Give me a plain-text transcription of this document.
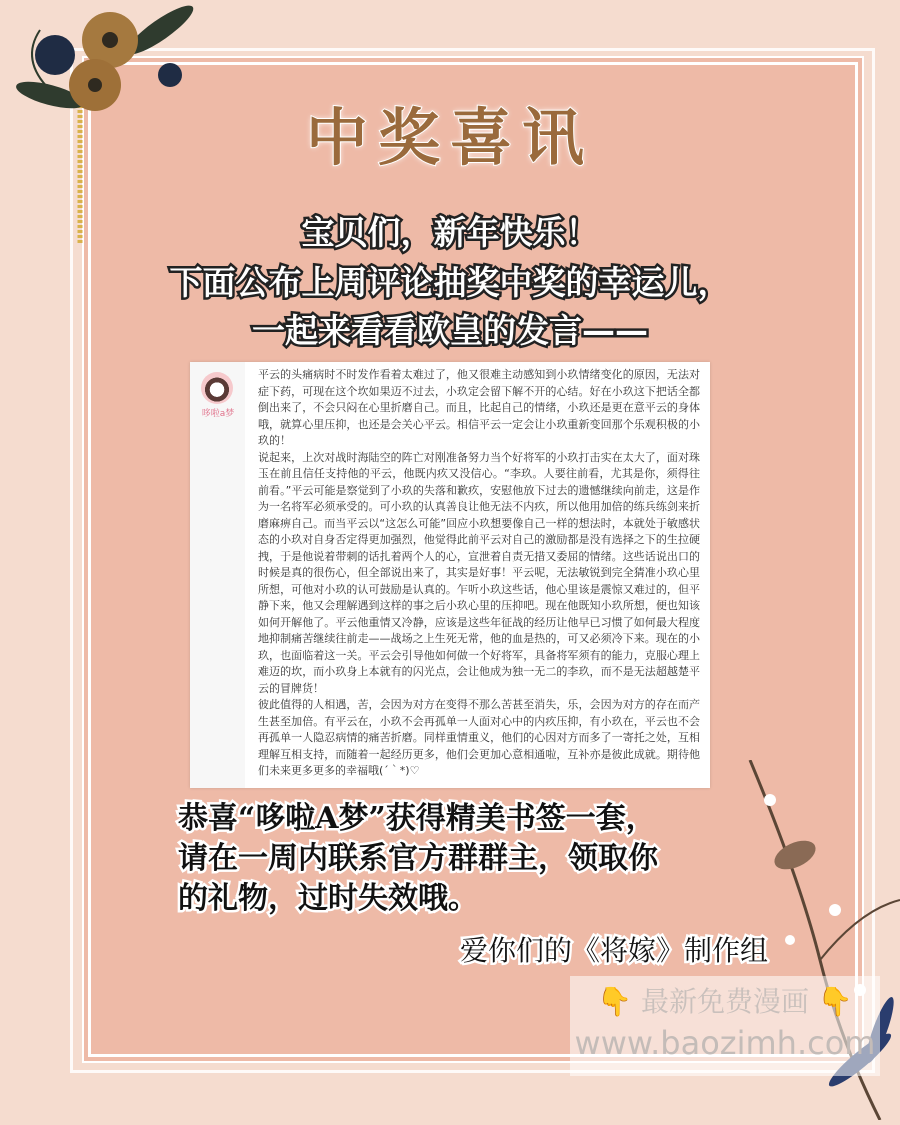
中奖喜讯
宝贝们，新年快乐！
下面公布上周评论抽奖中奖的幸运儿，
一起来看看欧皇的发言——
哆啦a梦

平云的头痛病时不时发作看着太难过了，他又很难主动感知到小玖情绪变化的原因，无法对症下药，可现在这个坎如果迈不过去，小玖定会留下解不开的心结。好在小玖这下把话全都倒出来了，不会只闷在心里折磨自己。而且，比起自己的情绪，小玖还是更在意平云的身体哦，就算心里压抑，也还是会关心平云。相信平云一定会让小玖重新变回那个乐观积极的小玖的！

说起来，上次对战时海陆空的阵亡对刚准备努力当个好将军的小玖打击实在太大了，面对珠玉在前且信任支持他的平云，他既内疚又没信心。“李玖。人要往前看，尤其是你，须得往前看。”平云可能是察觉到了小玖的失落和歉疚，安慰他放下过去的遗憾继续向前走，这是作为一名将军必须承受的。可小玖的认真善良让他无法不内疚，所以他用加倍的练兵练剑来折磨麻痹自己。而当平云以“这怎么可能”回应小玖想要像自己一样的想法时，本就处于敏感状态的小玖对自身否定得更加强烈，他觉得此前平云对自己的激励都是没有选择之下的生拉硬拽，于是他说着带刺的话扎着两个人的心，宣泄着自责无措又委屈的情绪。这些话说出口的时候是真的很伤心，但全部说出来了，其实是好事！平云呢，无法敏锐到完全猜准小玖心里所想，可他对小玖的认可鼓励是认真的。乍听小玖这些话，他心里该是震惊又难过的，但平静下来，他又会理解遇到这样的事之后小玖心里的压抑吧。现在他既知小玖所想，便也知该如何开解他了。平云他重情又冷静，应该是这些年征战的经历让他早已习惯了如何最大程度地抑制痛苦继续往前走——战场之上生死无常，他的血是热的，可又必须冷下来。现在的小玖，也面临着这一关。平云会引导他如何做一个好将军，具备将军须有的能力，克服心理上难迈的坎，而小玖身上本就有的闪光点，会让他成为独一无二的李玖，而不是无法超越楚平云的冒牌货！

彼此值得的人相遇，苦，会因为对方在变得不那么苦甚至消失，乐，会因为对方的存在而产生甚至加倍。有平云在，小玖不会再孤单一人面对心中的内疚压抑，有小玖在，平云也不会再孤单一人隐忍病情的痛苦折磨。同样重情重义，他们的心因对方而多了一寄托之处，互相理解互相支持，而随着一起经历更多，他们会更加心意相通啦，互补亦是彼此成就。期待他们未来更多更多的幸福哦(´｀*)♡

恭喜“哆啦A梦”获得精美书签一套，
请在一周内联系官方群群主，领取你
的礼物，过时失效哦。
爱你们的《将嫁》制作组
👇 最新免费漫画 👇
www.baozimh.com
